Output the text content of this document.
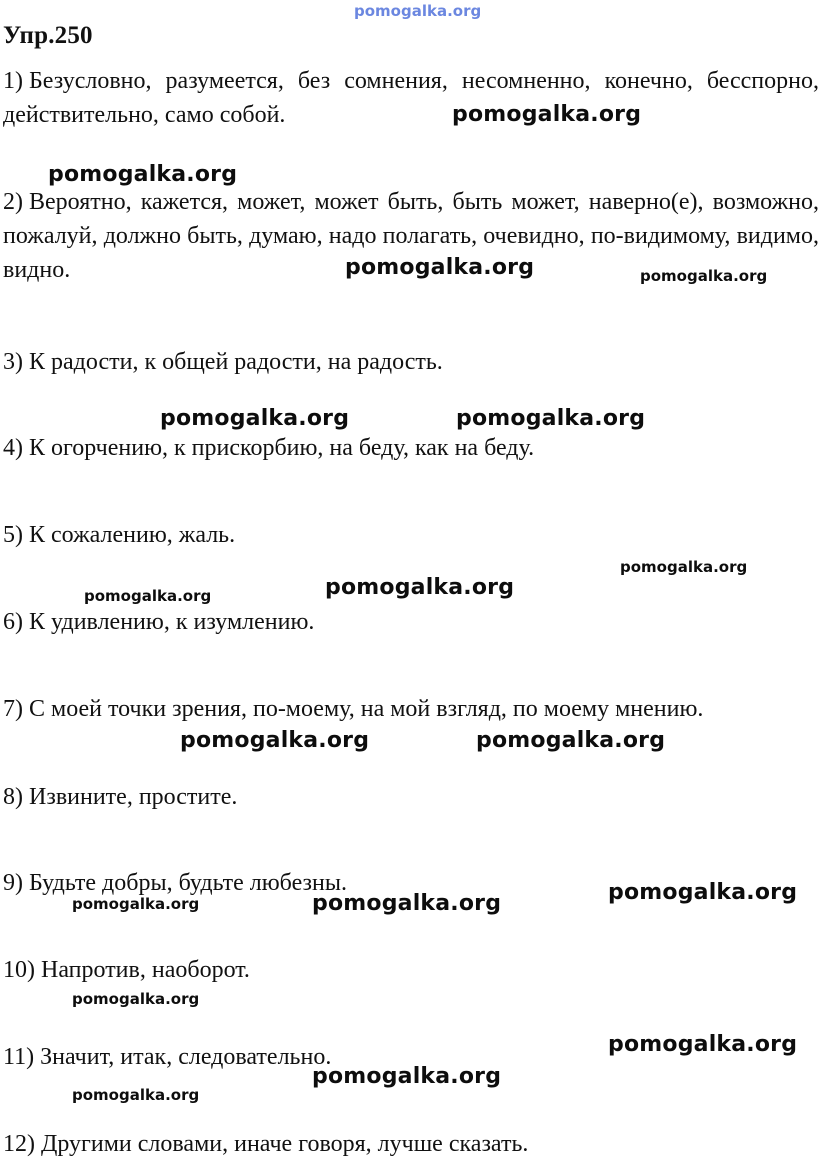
pomogalka.org
Упр.250

1) Безусловно, разумеется, без сомнения, несомненно, конечно, бесспорно, действительно, само собой.

2) Вероятно, кажется, может, может быть, быть может, наверно(е), возможно, пожалуй, должно быть, думаю, надо полагать, очевидно, по-видимому, видимо, видно.

3) К радости, к общей радости, на радость.

4) К огорчению, к прискорбию, на беду, как на беду.

5) К сожалению, жаль.

6) К удивлению, к изумлению.

7) С моей точки зрения, по-моему, на мой взгляд, по моему мнению.

8) Извините, простите.

9) Будьте добры, будьте любезны.

10) Напротив, наоборот.

11) Значит, итак, следовательно.

12) Другими словами, иначе говоря, лучше сказать.

pomogalka.org
pomogalka.org
pomogalka.org	pomogalka.org
pomogalka.org	pomogalka.org
pomogalka.org
pomogalka.org
pomogalka.org
pomogalka.org	pomogalka.org
pomogalka.org
pomogalka.org	pomogalka.org
pomogalka.org
pomogalka.org
pomogalka.org
pomogalka.org
